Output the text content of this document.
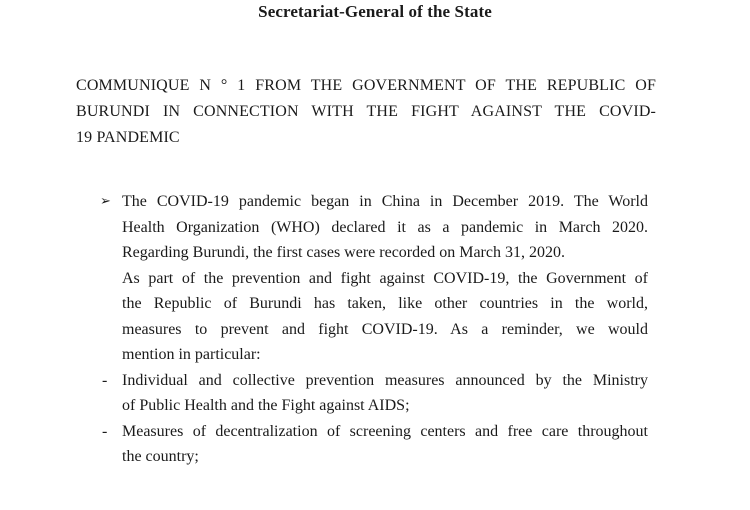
Secretariat-General of the State
COMMUNIQUE N ° 1 FROM THE GOVERNMENT OF THE REPUBLIC OF
BURUNDI IN CONNECTION WITH THE FIGHT AGAINST THE COVID-
19 PANDEMIC
➢ The COVID-19 pandemic began in China in December 2019. The World
Health Organization (WHO) declared it as a pandemic in March 2020.
Regarding Burundi, the first cases were recorded on March 31, 2020.
As part of the prevention and fight against COVID-19, the Government of
the Republic of Burundi has taken, like other countries in the world,
measures to prevent and fight COVID-19. As a reminder, we would
mention in particular:
- Individual and collective prevention measures announced by the Ministry
of Public Health and the Fight against AIDS;
- Measures of decentralization of screening centers and free care throughout
the country;
